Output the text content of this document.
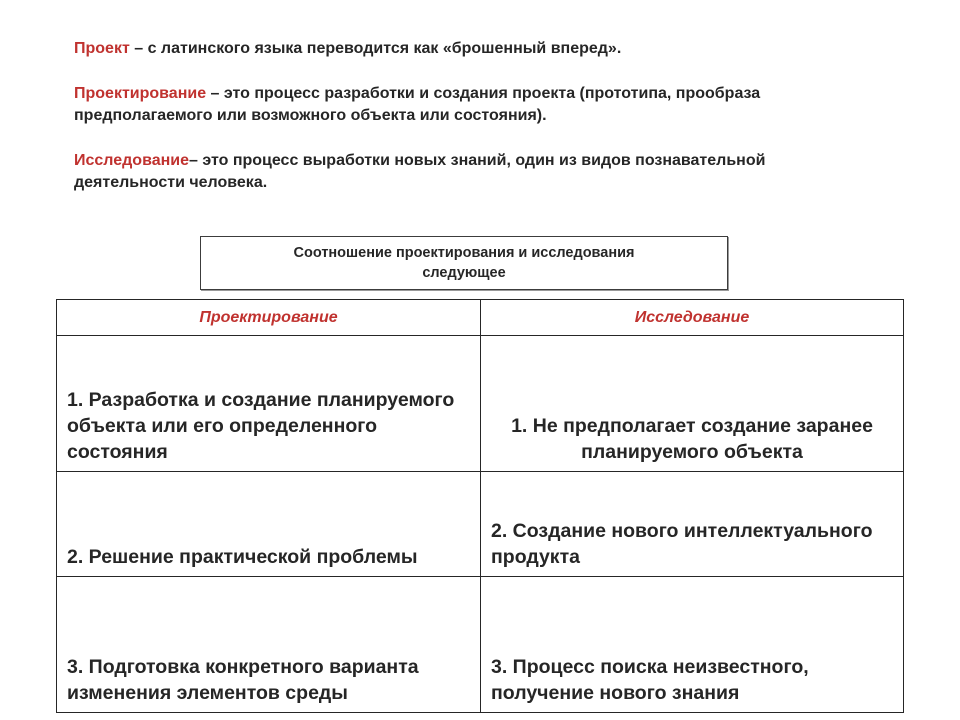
Проект – с латинского языка переводится как «брошенный вперед».

Проектирование – это процесс разработки и создания проекта (прототипа, прообраза предполагаемого или возможного объекта или состояния).

Исследование– это процесс выработки новых знаний, один из видов познавательной деятельности человека.

Соотношение проектирования и исследования
следующее
Проектирование	Исследование
1. Разработка и создание планируемого объекта или его определенного состояния	1. Не предполагает создание заранее планируемого объекта
2. Решение практической проблемы	2. Создание нового интеллектуального продукта
3. Подготовка конкретного варианта изменения элементов среды	3. Процесс поиска неизвестного, получение нового знания
